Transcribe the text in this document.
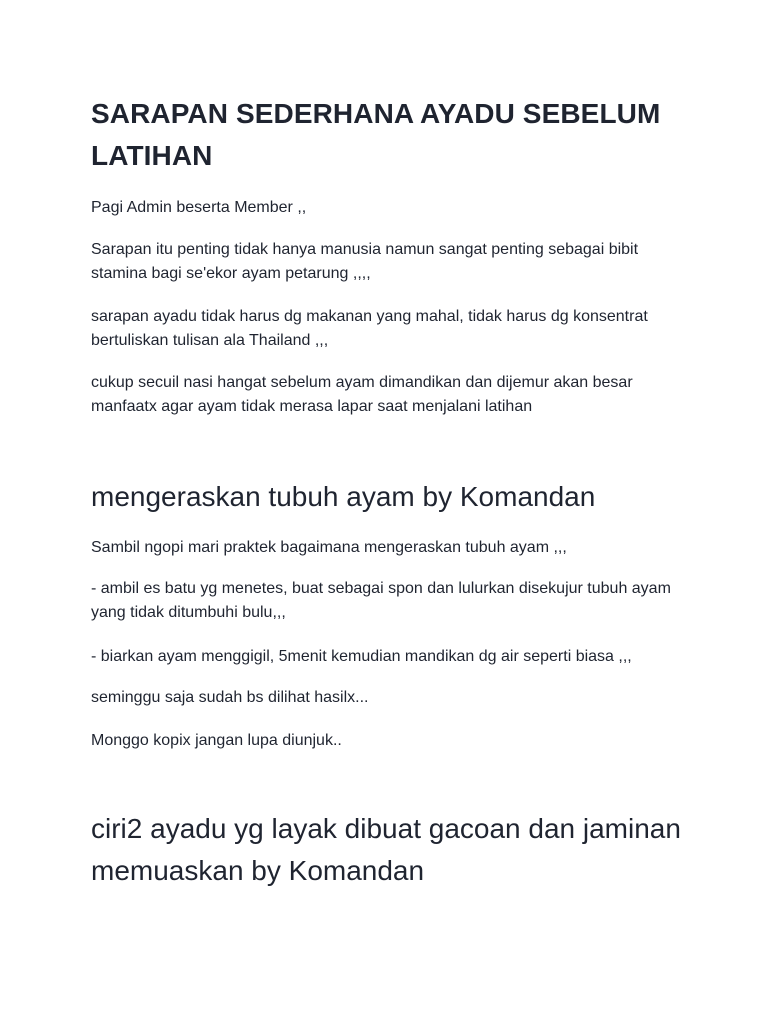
SARAPAN SEDERHANA AYADU SEBELUM LATIHAN

Pagi Admin beserta Member ,,

Sarapan itu penting tidak hanya manusia namun sangat penting sebagai bibit stamina bagi se'ekor ayam petarung ,,,,

sarapan ayadu tidak harus dg makanan yang mahal, tidak harus dg konsentrat bertuliskan tulisan ala Thailand ,,,

cukup secuil nasi hangat sebelum ayam dimandikan dan dijemur akan besar manfaatx agar ayam tidak merasa lapar saat menjalani latihan

mengeraskan tubuh ayam by Komandan

Sambil ngopi mari praktek bagaimana mengeraskan tubuh ayam ,,,

- ambil es batu yg menetes, buat sebagai spon dan lulurkan disekujur tubuh ayam yang tidak ditumbuhi bulu,,,

- biarkan ayam menggigil, 5menit kemudian mandikan dg air seperti biasa ,,,

seminggu saja sudah bs dilihat hasilx...

Monggo kopix jangan lupa diunjuk..

ciri2 ayadu yg layak dibuat gacoan dan jaminan memuaskan by Komandan
